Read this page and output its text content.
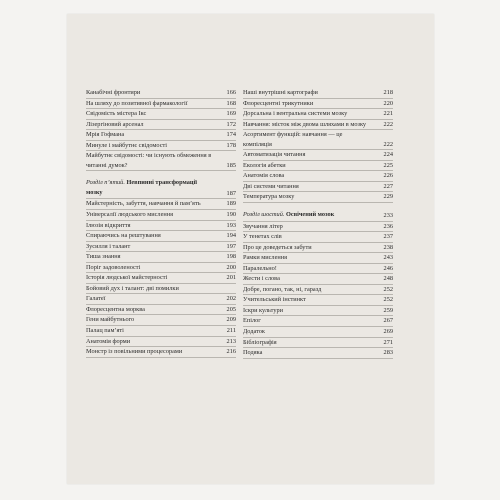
Канабічні фронтири	166
На шляху до позитивної фармакології	168
Свідомість містера Ікс	169
Лізергіновий арсенал	172
Мрія Гофмана	174
Минуле і майбутнє свідомості	178
Майбутнє свідомості: чи існують обмеження в читанні думок?	185
Розділ п’ятий. Невпинні трансформації мозку	187
Майстерність, забуття, навчання й пам’ять	189
Універсалії людського мислення	190
Ілюзія відкриття	193
Спираючись на рештування	194
Зусилля і талант	197
Тиша знання	198
Поріг задоволеності	200
Історія людської майстерності	201
Бойовий дух і талант: дві помилки
Галатеї	202
Флоресцентна морква	205
Гени майбутнього	209
Палац пам’яті	211
Анатомія форми	213
Монстр із повільними процесорами	216
Наші внутрішні картографи	218
Флоресцентні трикутники	220
Дорсальна і вентральна системи мозку	221
Навчання: місток між двома шляхами в мозку	222
Асортимент функцій: навчання — це компіляція	222
Автоматизація читання	224
Екологія абетки	225
Анатомія слова	226
Дві системи читання	227
Температура мозку	229
Розділ шостий. Освічений мозок	233
Звучання літер	236
У тенетах слів	237
Про це доведеться забути	238
Рамки мислення	243
Паралельно!	246
Жести і слова	248
Добре, погано, так, ні, гаразд	252
Учительський інстинкт	252
Іскри культури	259
Епілог	267
Додаток	269
Бібліографія	271
Подяка	283
